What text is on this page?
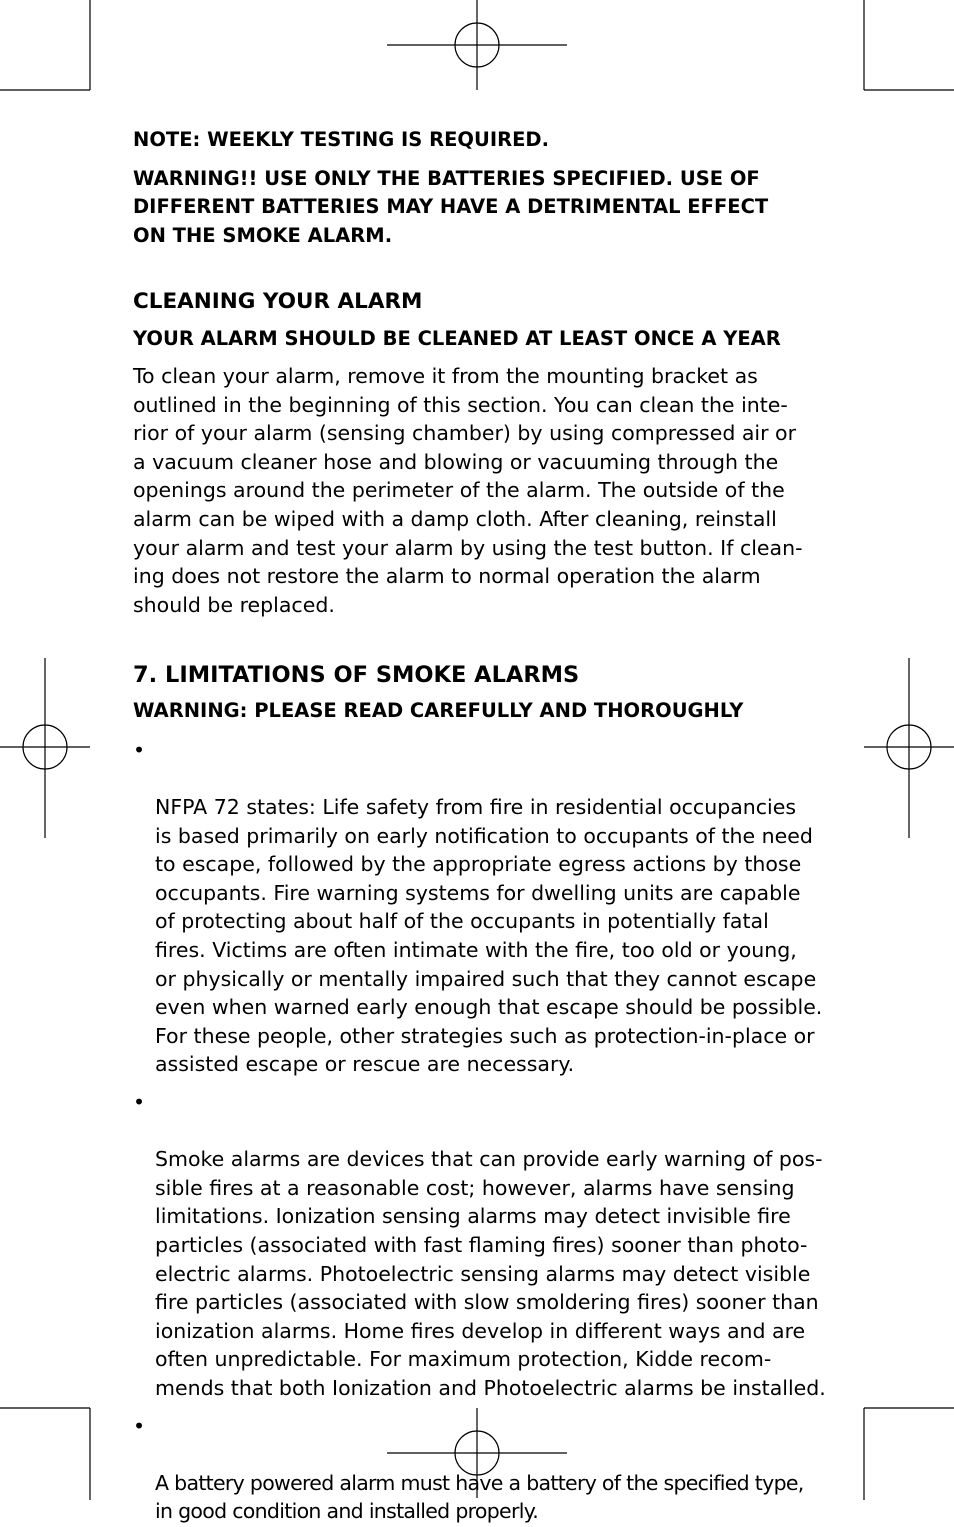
NOTE: WEEKLY TESTING IS REQUIRED.

WARNING!! USE ONLY THE BATTERIES SPECIFIED. USE OF
DIFFERENT BATTERIES MAY HAVE A DETRIMENTAL EFFECT
ON THE SMOKE ALARM.

CLEANING YOUR ALARM

YOUR ALARM SHOULD BE CLEANED AT LEAST ONCE A YEAR

To clean your alarm, remove it from the mounting bracket as
outlined in the beginning of this section. You can clean the inte-
rior of your alarm (sensing chamber) by using compressed air or
a vacuum cleaner hose and blowing or vacuuming through the
openings around the perimeter of the alarm. The outside of the
alarm can be wiped with a damp cloth. After cleaning, reinstall
your alarm and test your alarm by using the test button. If clean-
ing does not restore the alarm to normal operation the alarm
should be replaced.

7. LIMITATIONS OF SMOKE ALARMS

WARNING: PLEASE READ CAREFULLY AND THOROUGHLY

•

NFPA 72 states: Life safety from fire in residential occupancies
is based primarily on early notification to occupants of the need
to escape, followed by the appropriate egress actions by those
occupants. Fire warning systems for dwelling units are capable
of protecting about half of the occupants in potentially fatal
fires. Victims are often intimate with the fire, too old or young,
or physically or mentally impaired such that they cannot escape
even when warned early enough that escape should be possible.
For these people, other strategies such as protection-in-place or
assisted escape or rescue are necessary.

•

Smoke alarms are devices that can provide early warning of pos-
sible fires at a reasonable cost; however, alarms have sensing
limitations. Ionization sensing alarms may detect invisible fire
particles (associated with fast flaming fires) sooner than photo-
electric alarms. Photoelectric sensing alarms may detect visible
fire particles (associated with slow smoldering fires) sooner than
ionization alarms. Home fires develop in different ways and are
often unpredictable. For maximum protection, Kidde recom-
mends that both Ionization and Photoelectric alarms be installed.

•

A battery powered alarm must have a battery of the specified type,
in good condition and installed properly.
